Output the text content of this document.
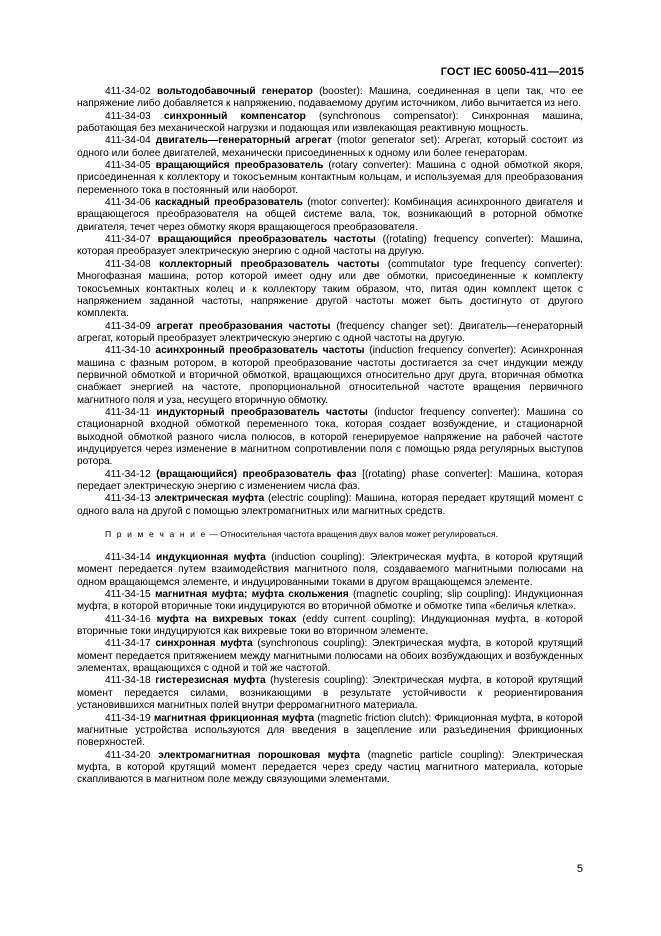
ГОСТ IEC 60050-411—2015

411-34-02 вольтодобавочный генератор (booster): Машина, соединенная в цепи так, что ее напряжение либо добавляется к напряжению, подаваемому другим источником, либо вычитается из него.

411-34-03 синхронный компенсатор (synchronous compensator): Синхронная машина, работающая без механической нагрузки и подающая или извлекающая реактивную мощность.

411-34-04 двигатель—генераторный агрегат (motor generator set): Агрегат, который состоит из одного или более двигателей, механически присоединенных к одному или более генераторам.

411-34-05 вращающийся преобразователь (rotary converter): Машина с одной обмоткой якоря, присоединенная к коллектору и токосъемным контактным кольцам, и используемая для преобразования переменного тока в постоянный или наоборот.

411-34-06 каскадный преобразователь (motor converter): Комбинация асинхронного двигателя и вращающегося преобразователя на общей системе вала, ток, возникающий в роторной обмотке двигателя, течет через обмотку якоря вращающегося преобразователя.

411-34-07 вращающийся преобразователь частоты ((rotating) frequency converter): Машина, которая преобразует электрическую энергию с одной частоты на другую.

411-34-08 коллекторный преобразователь частоты (commutator type frequency converter): Многофазная машина, ротор которой имеет одну или две обмотки, присоединенные к комплекту токосъемных контактных колец и к коллектору таким образом, что, питая один комплект щеток с напряжением заданной частоты, напряжение другой частоты может быть достигнуто от другого комплекта.

411-34-09 агрегат преобразования частоты (frequency changer set): Двигатель—генераторный агрегат, который преобразует электрическую энергию с одной частоты на другую.

411-34-10 асинхронный преобразователь частоты (induction frequency converter): Асинхронная машина с фазным ротором, в которой преобразование частоты достигается за счет индукции между первичной обмоткой и вторичной обмоткой, вращающихся относительно друг друга, вторичная обмотка снабжает энергией на частоте, пропорциональной относительной частоте вращения первичного магнитного поля и уза, несущего вторичную обмотку.

411-34-11 индукторный преобразователь частоты (inductor frequency converter): Машина со стационарной входной обмоткой переменного тока, которая создает возбуждение, и стационарной выходной обмоткой разного числа полюсов, в которой генерируемое напряжение на рабочей частоте индуцируется через изменение в магнитном сопротивлении поля с помощью ряда регулярных выступов ротора.

411-34-12 (вращающийся) преобразователь фаз [(rotating) phase converter]: Машина, которая передает электрическую энергию с изменением числа фаз.

411-34-13 электрическая муфта (electric coupling): Машина, которая передает крутящий момент с одного вала на другой с помощью электромагнитных или магнитных средств.

П р и м е ч а н и е — Относительная частота вращения двух валов может регулироваться.

411-34-14 индукционная муфта (induction coupling): Электрическая муфта, в которой крутящий момент передается путем взаимодействия магнитного поля, создаваемого магнитными полюсами на одном вращающемся элементе, и индуцированными токами в другом вращающемся элементе.

411-34-15 магнитная муфта; муфта скольжения (magnetic coupling; slip coupling): Индукционная муфта, в которой вторичные токи индуцируются во вторичной обмотке и обмотке типа «беличья клетка».

411-34-16 муфта на вихревых токах (eddy current coupling): Индукционная муфта, в которой вторичные токи индуцируются как вихревые токи во вторичном элементе.

411-34-17 синхронная муфта (synchronous coupling): Электрическая муфта, в которой крутящий момент передается притяжением между магнитными полюсами на обоих возбуждающих и возбужденных элементах, вращающихся с одной и той же частотой.

411-34-18 гистерезисная муфта (hysteresis coupling): Электрическая муфта, в которой крутящий момент передается силами, возникающими в результате устойчивости к реориентирования установившихся магнитных полей внутри ферромагнитного материала.

411-34-19 магнитная фрикционная муфта (magnetic friction clutch): Фрикционная муфта, в которой магнитные устройства используются для введения в зацепление или разъединения фрикционных поверхностей.

411-34-20 электромагнитная порошковая муфта (magnetic particle coupling): Электрическая муфта, в которой крутящий момент передается через среду частиц магнитного материала, которые скапливаются в магнитном поле между связующими элементами.

5
